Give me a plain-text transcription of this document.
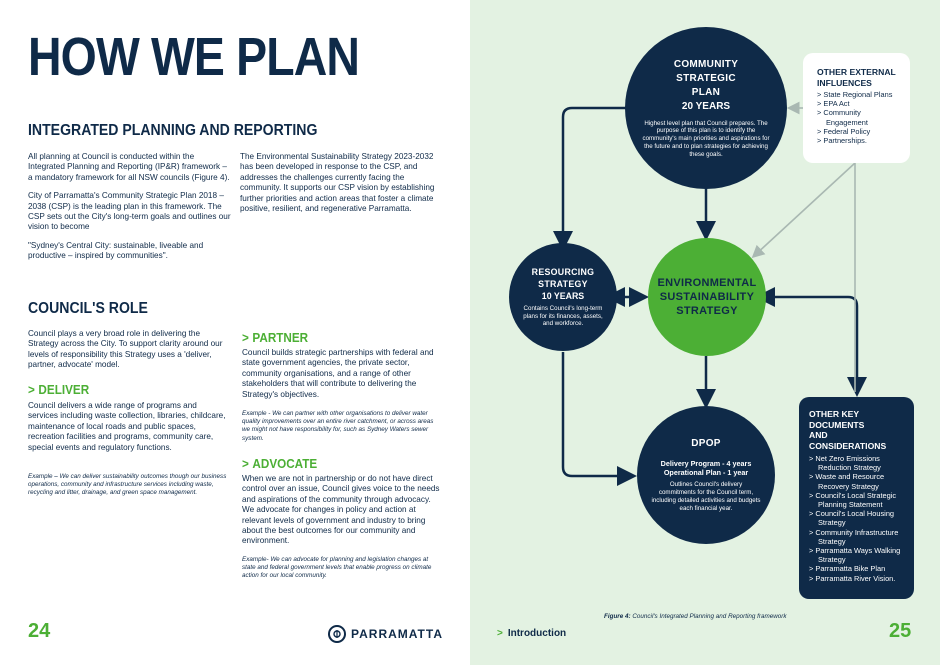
HOW WE PLAN
INTEGRATED PLANNING AND REPORTING

All planning at Council is conducted within the Integrated Planning and Reporting (IP&R) framework – a mandatory framework for all NSW councils (Figure 4).

City of Parramatta's Community Strategic Plan 2018 – 2038 (CSP) is the leading plan in this framework. The CSP sets out the City's long-term goals and outlines our vision to become

"Sydney's Central City: sustainable, liveable and productive – inspired by communities".

The Environmental Sustainability Strategy 2023-2032 has been developed in response to the CSP, and addresses the challenges currently facing the community. It supports our CSP vision by establishing further priorities and action areas that foster a climate positive, resilient, and regenerative Parramatta.

COUNCIL'S ROLE
Council plays a very broad role in delivering the Strategy across the City. To support clarity around our levels of responsibility this Strategy uses a 'deliver, partner, advocate' model.
> DELIVER
Council delivers a wide range of programs and services including waste collection, libraries, childcare, maintenance of local roads and public spaces, recreation facilities and programs, community care, special events and regulatory functions.
Example – We can deliver sustainability outcomes though our business operations, community and infrastructure services including waste, recycling and litter, drainage, and green space management.
> PARTNER
Council builds strategic partnerships with federal and state government agencies, the private sector, community organisations, and a range of other stakeholders that will contribute to delivering the Strategy's objectives.
Example - We can partner with other organisations to deliver water quality improvements over an entire river catchment, or across areas we might not have responsibility for, such as Sydney Waters sewer system.
> ADVOCATE
When we are not in partnership or do not have direct control over an issue, Council gives voice to the needs and aspirations of the community through advocacy. We advocate for changes in policy and action at relevant levels of government and industry to bring about the best outcomes for our community and environment.
Example- We can advocate for planning and legislation changes at state and federal government levels that enable progress on climate action for our local community.
24	PARRAMATTA
COMMUNITY
STRATEGIC
PLAN
20 YEARS
Highest level plan that Council prepares. The purpose of this plan is to identify the community's main priorities and aspirations for the future and to plan strategies for achieving these goals.
RESOURCING
STRATEGY
10 YEARS
Contains Council's long-term plans for its finances, assets, and workforce.
ENVIRONMENTAL
SUSTAINABILITY
STRATEGY
DPOP
Delivery Program - 4 years
Operational Plan - 1 year
Outlines Council's delivery commitments for the Council term, including detailed activities and budgets each financial year.
OTHER EXTERNAL
INFLUENCES
> State Regional Plans
> EPA Act
> Community Engagement
> Federal Policy
> Partnerships.
OTHER KEY DOCUMENTS
AND CONSIDERATIONS
> Net Zero Emissions Reduction Strategy
> Waste and Resource Recovery Strategy
> Council's Local Strategic Planning Statement
> Council's Local Housing Strategy
> Community Infrastructure Strategy
> Parramatta Ways Walking Strategy
> Parramatta Bike Plan
> Parramatta River Vision.
Figure 4: Council's Integrated Planning and Reporting framework
> Introduction	25
